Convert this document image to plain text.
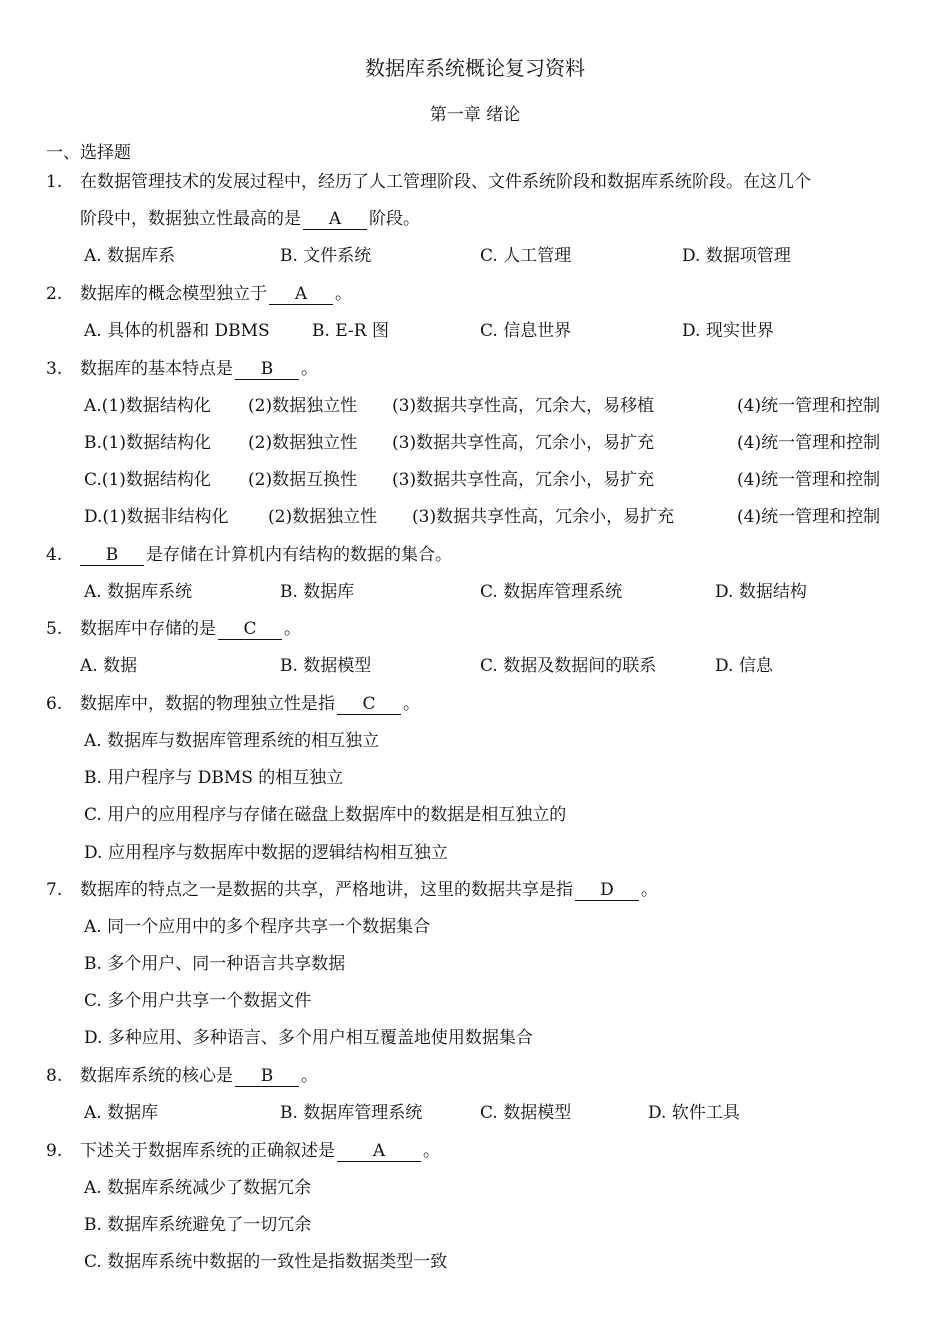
数据库系统概论复习资料
第一章 绪论
一、选择题
1. 在数据管理技术的发展过程中，经历了人工管理阶段、文件系统阶段和数据库系统阶段。在这几个
阶段中，数据独立性最高的是 A 阶段。
A. 数据库系	B. 文件系统	C. 人工管理	D. 数据项管理
2. 数据库的概念模型独立于 A 。
A. 具体的机器和 DBMS B. E-R 图	C. 信息世界	D. 现实世界
3. 数据库的基本特点是 B 。
A.(1)数据结构化 (2)数据独立性 (3)数据共享性高，冗余大，易移植	(4)统一管理和控制
B.(1)数据结构化 (2)数据独立性 (3)数据共享性高，冗余小，易扩充	(4)统一管理和控制
C.(1)数据结构化 (2)数据互换性 (3)数据共享性高，冗余小，易扩充	(4)统一管理和控制
D.(1)数据非结构化 (2)数据独立性 (3)数据共享性高，冗余小，易扩充	(4)统一管理和控制
4.	B 是存储在计算机内有结构的数据的集合。
A. 数据库系统	B. 数据库	C. 数据库管理系统	D. 数据结构
5. 数据库中存储的是 C 。
A. 数据	B. 数据模型	C. 数据及数据间的联系	D. 信息
6. 数据库中，数据的物理独立性是指 C 。
A. 数据库与数据库管理系统的相互独立
B. 用户程序与 DBMS 的相互独立
C. 用户的应用程序与存储在磁盘上数据库中的数据是相互独立的
D. 应用程序与数据库中数据的逻辑结构相互独立
7. 数据库的特点之一是数据的共享，严格地讲，这里的数据共享是指 D 。
A. 同一个应用中的多个程序共享一个数据集合
B. 多个用户、同一种语言共享数据
C. 多个用户共享一个数据文件
D. 多种应用、多种语言、多个用户相互覆盖地使用数据集合
8. 数据库系统的核心是 B 。
A. 数据库	B. 数据库管理系统	C. 数据模型	D. 软件工具
9. 下述关于数据库系统的正确叙述是 A 。
A. 数据库系统减少了数据冗余
B. 数据库系统避免了一切冗余
C. 数据库系统中数据的一致性是指数据类型一致
